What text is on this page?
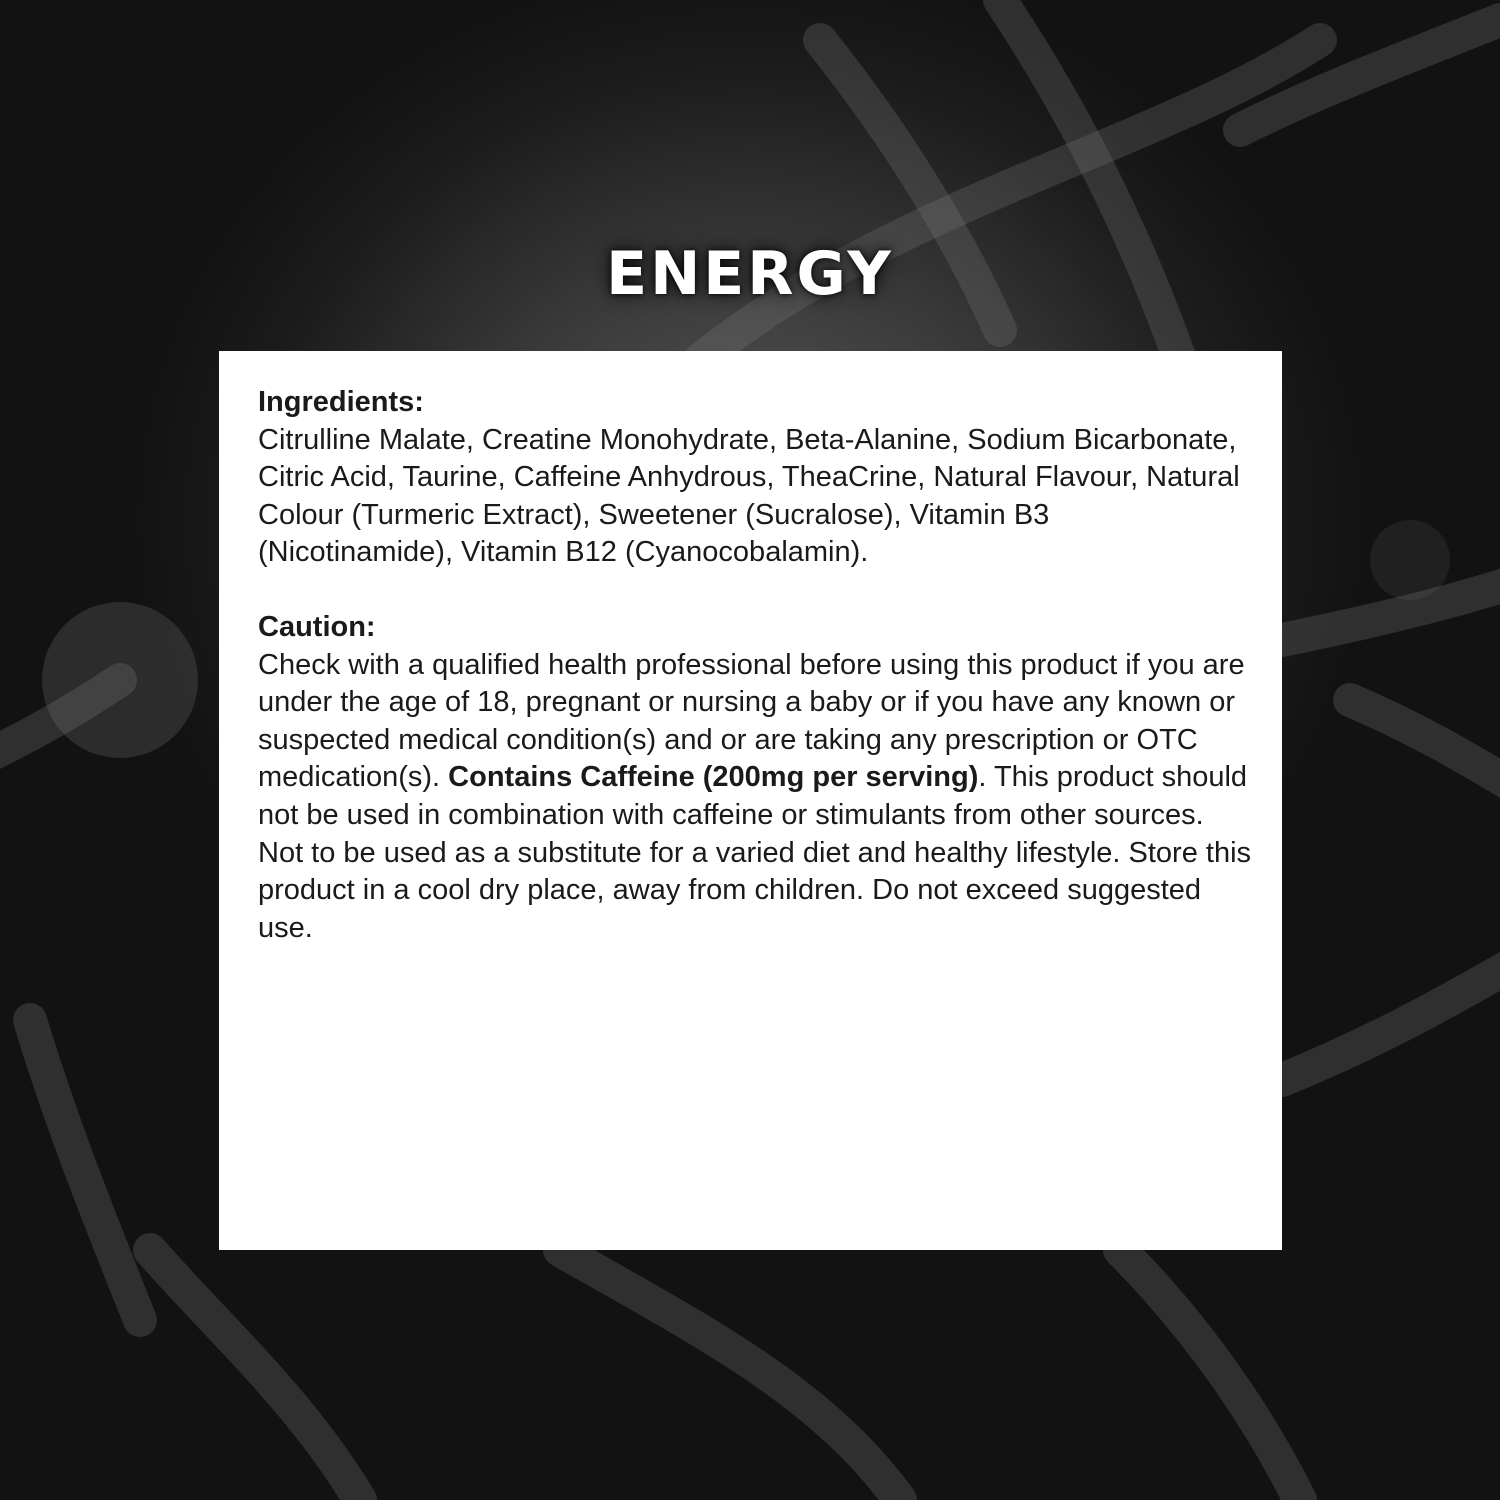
ENERGY
Ingredients:
Citrulline Malate, Creatine Monohydrate, Beta-Alanine, Sodium Bicarbonate, Citric Acid, Taurine, Caffeine Anhydrous, TheaCrine, Natural Flavour, Natural Colour (Turmeric Extract), Sweetener (Sucralose), Vitamin B3 (Nicotinamide), Vitamin B12 (Cyanocobalamin).
Caution:
Check with a qualified health professional before using this product if you are under the age of 18, pregnant or nursing a baby or if you have any known or suspected medical condition(s) and or are taking any prescription or OTC medication(s). Contains Caffeine (200mg per serving). This product should not be used in combination with caffeine or stimulants from other sources. Not to be used as a substitute for a varied diet and healthy lifestyle. Store this product in a cool dry place, away from children. Do not exceed suggested use.
